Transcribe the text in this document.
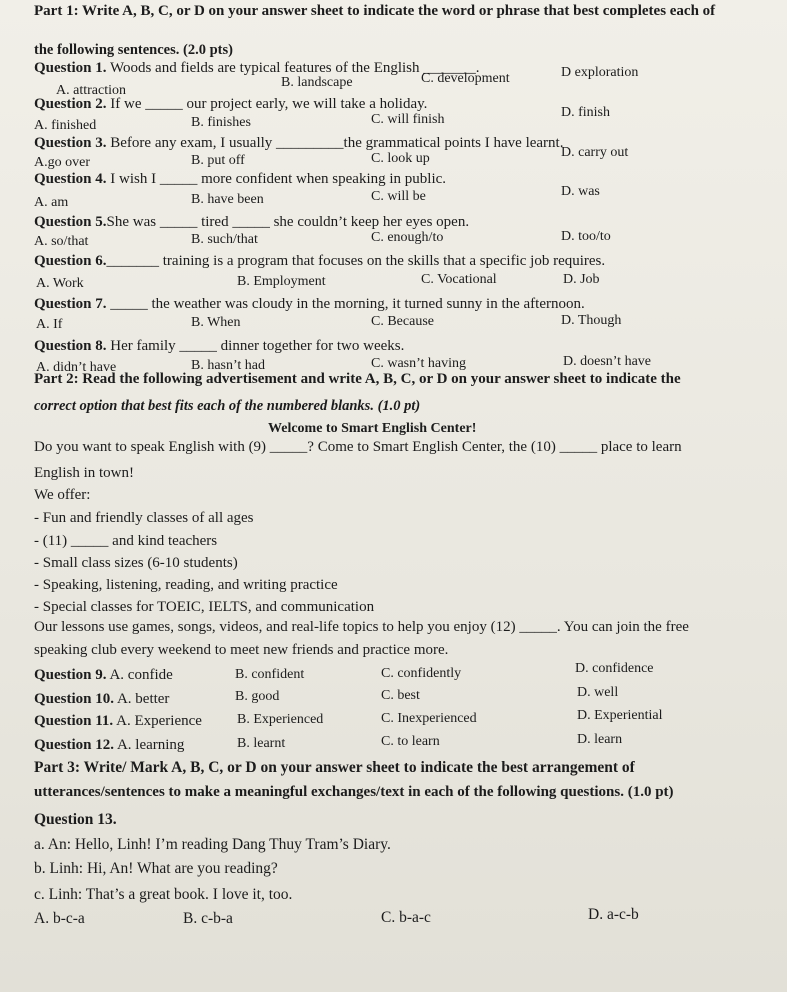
Part 1: Write A, B, C, or D on your answer sheet to indicate the word or phrase that best completes each of
the following sentences. (2.0 pts)
Question 1. Woods and fields are typical features of the English _______.
A. attraction
B. landscape	C. development	D exploration
Question 2. If we _____ our project early, we will take a holiday.
A. finished	B. finishes	C. will finish	D. finish
Question 3. Before any exam, I usually _________the grammatical points I have learnt.
A.go over	B. put off	C. look up	D. carry out
Question 4. I wish I _____ more confident when speaking in public.
A. am	B. have been	C. will be	D. was
Question 5.She was _____ tired _____ she couldn’t keep her eyes open.
A. so/that	B. such/that	C. enough/to	D. too/to
Question 6._______ training is a program that focuses on the skills that a specific job requires.
A. Work	B. Employment	C. Vocational	D. Job
Question 7. _____ the weather was cloudy in the morning, it turned sunny in the afternoon.
A. If	B. When	C. Because	D. Though
Question 8. Her family _____ dinner together for two weeks.
A. didn’t have	B. hasn’t had	C. wasn’t having	D. doesn’t have
Part 2: Read the following advertisement and write A, B, C, or D on your answer sheet to indicate the
correct option that best fits each of the numbered blanks. (1.0 pt)
Welcome to Smart English Center!
Do you want to speak English with (9) _____? Come to Smart English Center, the (10) _____ place to learn
English in town!
We offer:
- Fun and friendly classes of all ages
- (11) _____ and kind teachers
- Small class sizes (6-10 students)
- Speaking, listening, reading, and writing practice
- Special classes for TOEIC, IELTS, and communication
Our lessons use games, songs, videos, and real-life topics to help you enjoy (12) _____. You can join the free
speaking club every weekend to meet new friends and practice more.
Question 9. A. confide	B. confident	C. confidently	D. confidence
Question 10. A. better	B. good	C. best	D. well
Question 11. A. Experience	B. Experienced	C. Inexperienced	D. Experiential
Question 12. A. learning	B. learnt	C. to learn	D. learn
Part 3: Write/ Mark A, B, C, or D on your answer sheet to indicate the best arrangement of
utterances/sentences to make a meaningful exchanges/text in each of the following questions. (1.0 pt)
Question 13.
a. An: Hello, Linh! I’m reading Dang Thuy Tram’s Diary.
b. Linh: Hi, An! What are you reading?
c. Linh: That’s a great book. I love it, too.
A. b-c-a	B. c-b-a	C. b-a-c	D. a-c-b
